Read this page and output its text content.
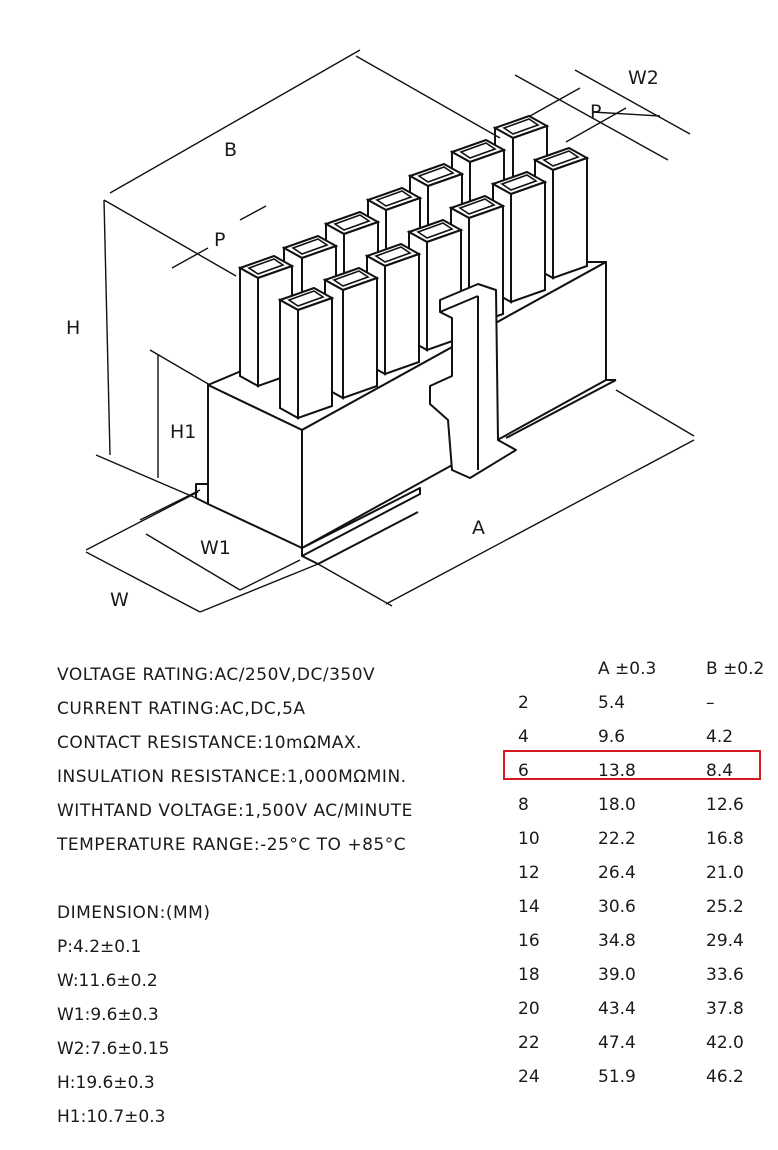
B
P
W2
P
H
H1
W1
W
A
VOLTAGE RATING:AC/250V,DC/350V
CURRENT RATING:AC,DC,5A
CONTACT RESISTANCE:10mΩMAX.
INSULATION RESISTANCE:1,000MΩMIN.
WITHTAND VOLTAGE:1,500V AC/MINUTE
TEMPERATURE RANGE:-25°C TO +85°C
DIMENSION:(MM)
P:4.2±0.1
W:11.6±0.2
W1:9.6±0.3
W2:7.6±0.15
H:19.6±0.3
H1:10.7±0.3
	A ±0.3	B ±0.2
2	5.4	–
4	9.6	4.2
6	13.8	8.4
8	18.0	12.6
10	22.2	16.8
12	26.4	21.0
14	30.6	25.2
16	34.8	29.4
18	39.0	33.6
20	43.4	37.8
22	47.4	42.0
24	51.9	46.2
